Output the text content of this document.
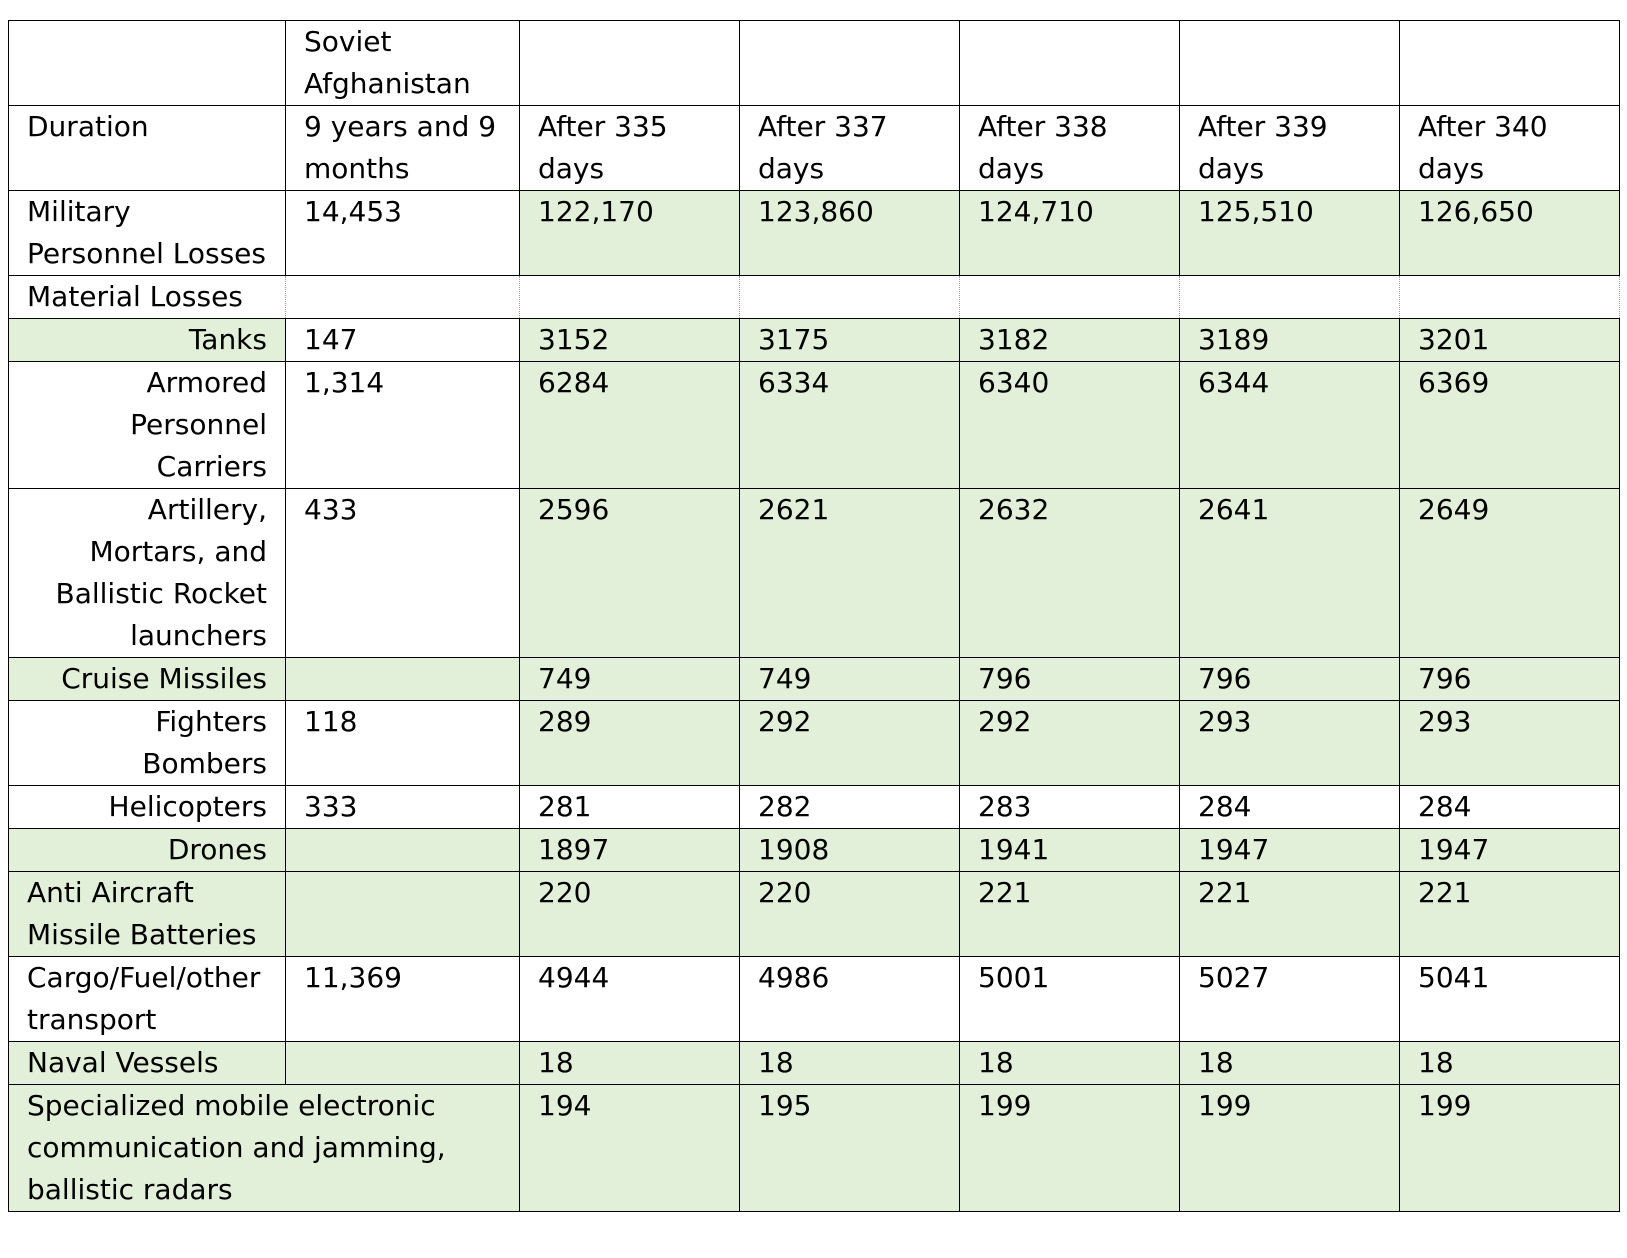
	Soviet Afghanistan					
Duration	9 years and 9 months	After 335 days	After 337 days	After 338 days	After 339 days	After 340 days
Military Personnel Losses	14,453	122,170	123,860	124,710	125,510	126,650
Material Losses						
Tanks	147	3152	3175	3182	3189	3201
Armored Personnel Carriers	1,314	6284	6334	6340	6344	6369
Artillery, Mortars, and Ballistic Rocket launchers	433	2596	2621	2632	2641	2649
Cruise Missiles		749	749	796	796	796
Fighters Bombers	118	289	292	292	293	293
Helicopters	333	281	282	283	284	284
Drones		1897	1908	1941	1947	1947
Anti Aircraft Missile Batteries		220	220	221	221	221
Cargo/Fuel/other transport	11,369	4944	4986	5001	5027	5041
Naval Vessels		18	18	18	18	18
Specialized mobile electronic communication and jamming, ballistic radars		194	195	199	199	199
